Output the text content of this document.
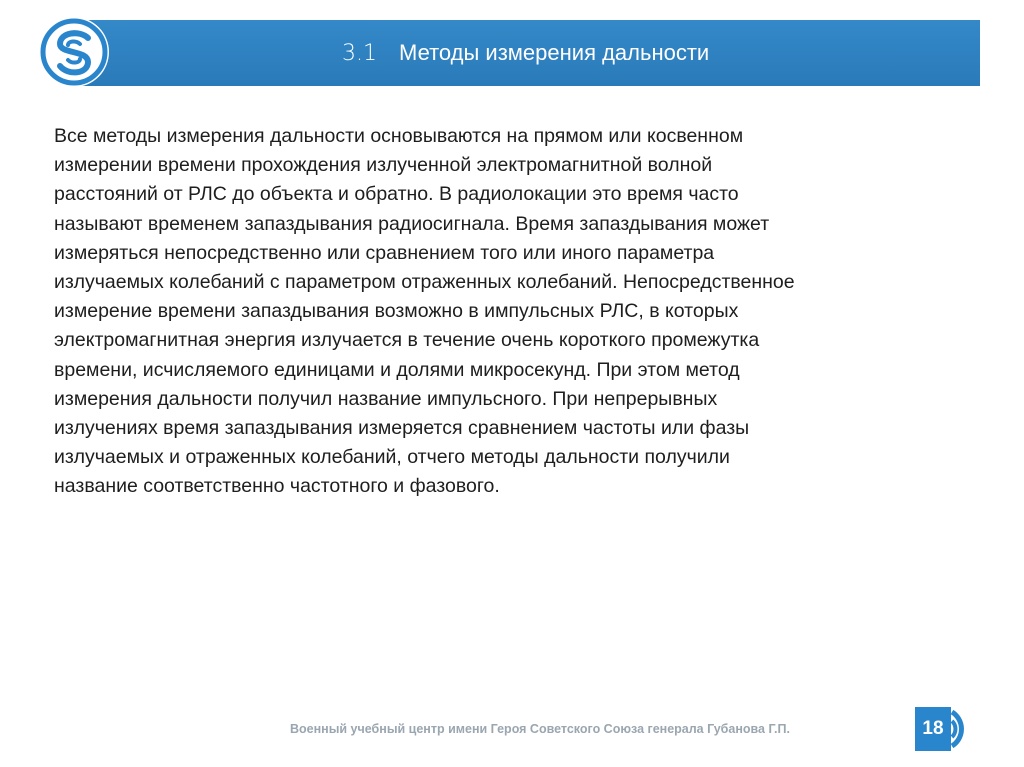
3.1 Методы измерения дальности
Все методы измерения дальности основываются на прямом или косвенном
измерении времени прохождения излученной электромагнитной волной
расстояний от РЛС до объекта и обратно. В радиолокации это время часто
называют временем запаздывания радиосигнала. Время запаздывания может
измеряться непосредственно или сравнением того или иного параметра
излучаемых колебаний с параметром отраженных колебаний. Непосредственное
измерение времени запаздывания возможно в импульсных РЛС, в которых
электромагнитная энергия излучается в течение очень короткого промежутка
времени, исчисляемого единицами и долями микросекунд. При этом метод
измерения дальности получил название импульсного. При непрерывных
излучениях время запаздывания измеряется сравнением частоты или фазы
излучаемых и отраженных колебаний, отчего методы дальности получили
название соответственно частотного и фазового.
Военный учебный центр имени Героя Советского Союза генерала Губанова Г.П.	18
